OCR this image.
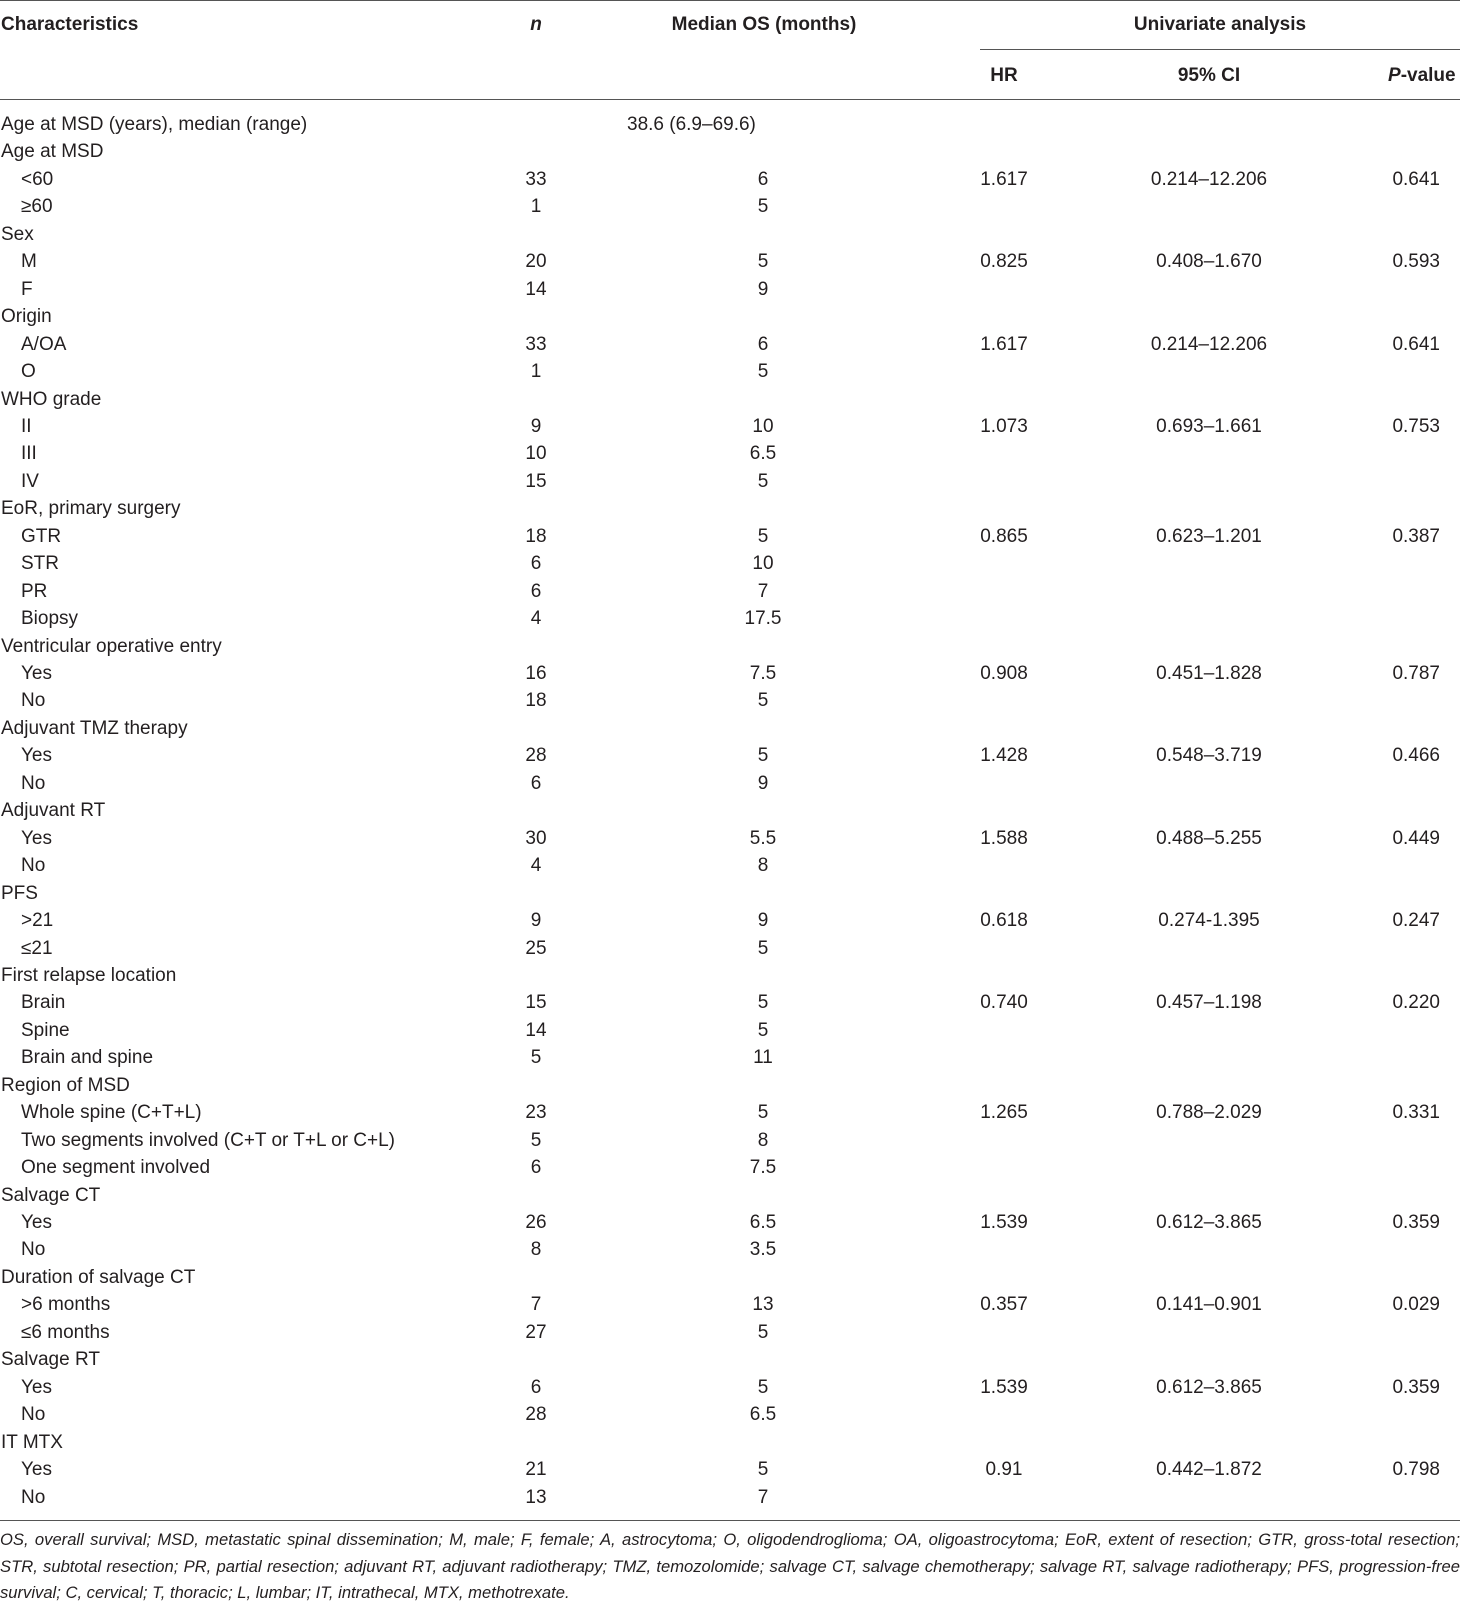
Characteristics	n	Median OS (months)	Univariate analysis
HR	95% CI	P-value
Age at MSD (years), median (range)	38.6 (6.9–69.6)
Age at MSD
<60	33	6	1.617	0.214–12.206	0.641
≥60	1	5
Sex
M	20	5	0.825	0.408–1.670	0.593
F	14	9
Origin
A/OA	33	6	1.617	0.214–12.206	0.641
O	1	5
WHO grade
II	9	10	1.073	0.693–1.661	0.753
III	10	6.5
IV	15	5
EoR, primary surgery
GTR	18	5	0.865	0.623–1.201	0.387
STR	6	10
PR	6	7
Biopsy	4	17.5
Ventricular operative entry
Yes	16	7.5	0.908	0.451–1.828	0.787
No	18	5
Adjuvant TMZ therapy
Yes	28	5	1.428	0.548–3.719	0.466
No	6	9
Adjuvant RT
Yes	30	5.5	1.588	0.488–5.255	0.449
No	4	8
PFS
>21	9	9	0.618	0.274-1.395	0.247
≤21	25	5
First relapse location
Brain	15	5	0.740	0.457–1.198	0.220
Spine	14	5
Brain and spine	5	11
Region of MSD
Whole spine (C+T+L)	23	5	1.265	0.788–2.029	0.331
Two segments involved (C+T or T+L or C+L)	5	8
One segment involved	6	7.5
Salvage CT
Yes	26	6.5	1.539	0.612–3.865	0.359
No	8	3.5
Duration of salvage CT
>6 months	7	13	0.357	0.141–0.901	0.029
≤6 months	27	5
Salvage RT
Yes	6	5	1.539	0.612–3.865	0.359
No	28	6.5
IT MTX
Yes	21	5	0.91	0.442–1.872	0.798
No	13	7
OS, overall survival; MSD, metastatic spinal dissemination; M, male; F, female; A, astrocytoma; O, oligodendroglioma; OA, oligoastrocytoma; EoR, extent of resection; GTR, gross-total resection; STR, subtotal resection; PR, partial resection; adjuvant RT, adjuvant radiotherapy; TMZ, temozolomide; salvage CT, salvage chemotherapy; salvage RT, salvage radiotherapy; PFS, progression-free survival; C, cervical; T, thoracic; L, lumbar; IT, intrathecal, MTX, methotrexate.
